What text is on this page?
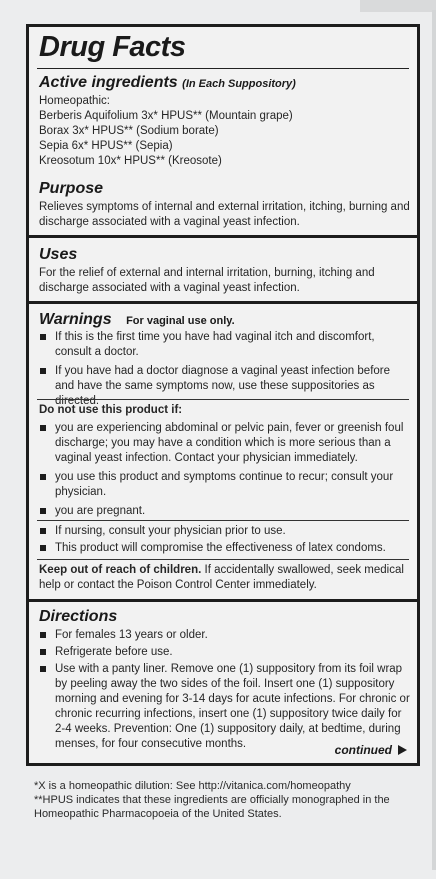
Drug Facts
Active ingredients (In Each Suppository)
Homeopathic:
Berberis Aquifolium 3x* HPUS** (Mountain grape)
Borax 3x* HPUS** (Sodium borate)
Sepia 6x* HPUS** (Sepia)
Kreosotum 10x* HPUS** (Kreosote)
Purpose
Relieves symptoms of internal and external irritation, itching, burning and discharge associated with a vaginal yeast infection.
Uses
For the relief of external and internal irritation, burning, itching and discharge associated with a vaginal yeast infection.
Warnings For vaginal use only.
If this is the first time you have had vaginal itch and discomfort, consult a doctor.
If you have had a doctor diagnose a vaginal yeast infection before and have the same symptoms now, use these suppositories as directed.
Do not use this product if:
you are experiencing abdominal or pelvic pain, fever or greenish foul discharge; you may have a condition which is more serious than a vaginal yeast infection. Contact your physician immediately.
you use this product and symptoms continue to recur; consult your physician.
you are pregnant.
If nursing, consult your physician prior to use.
This product will compromise the effectiveness of latex condoms.
Keep out of reach of children. If accidentally swallowed, seek medical help or contact the Poison Control Center immediately.
Directions
For females 13 years or older.
Refrigerate before use.
Use with a panty liner. Remove one (1) suppository from its foil wrap by peeling away the two sides of the foil. Insert one (1) suppository morning and evening for 3-14 days for acute infections. For chronic or chronic recurring infections, insert one (1) suppository twice daily for 2-4 weeks. Prevention: One (1) suppository daily, at bedtime, during menses, for four consecutive months.	continued
*X is a homeopathic dilution: See http://vitanica.com/homeopathy
**HPUS indicates that these ingredients are officially monographed in the Homeopathic Pharmacopoeia of the United States.
